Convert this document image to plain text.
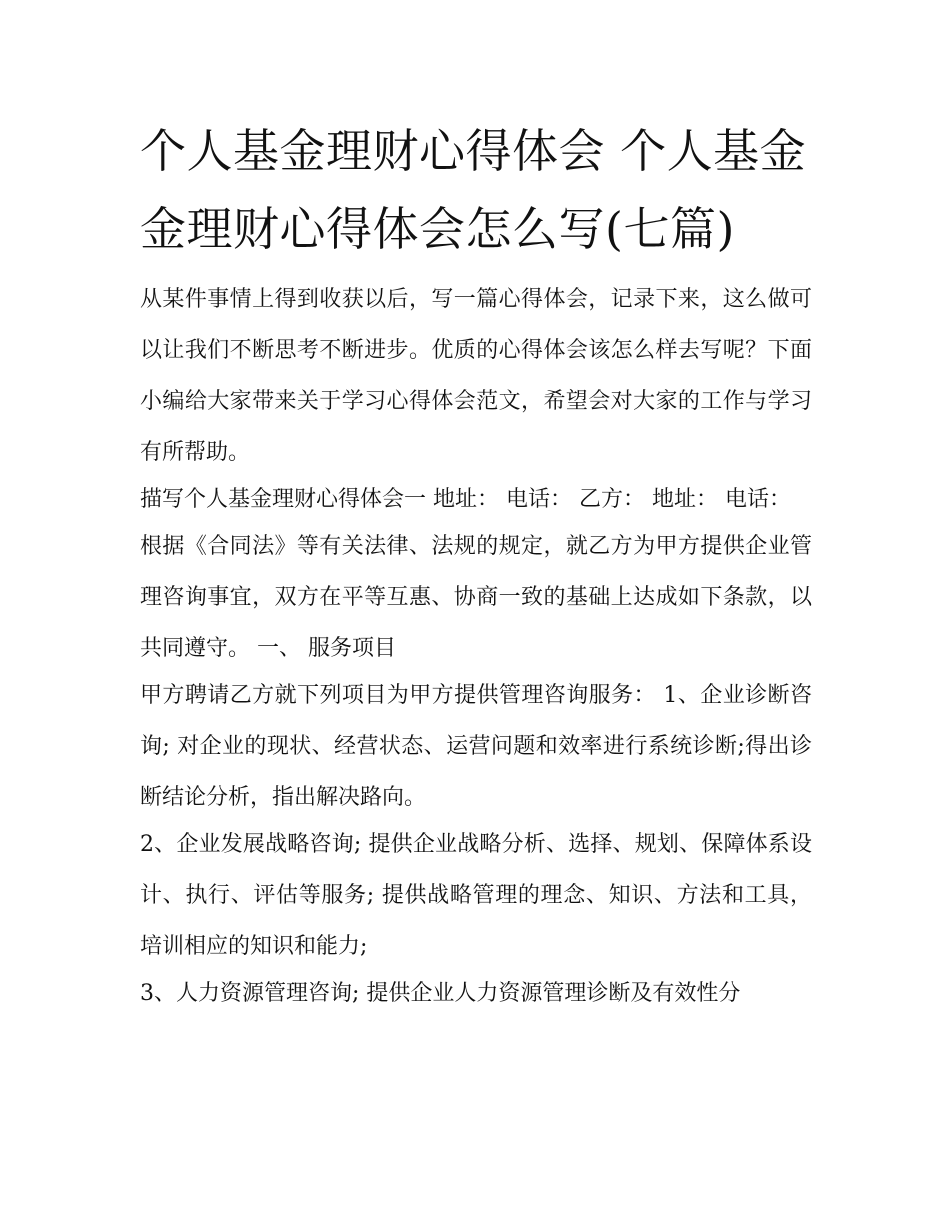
个人基金理财心得体会 个人基金金理财心得体会怎么写(七篇)

从某件事情上得到收获以后，写一篇心得体会，记录下来，这么做可以让我们不断思考不断进步。优质的心得体会该怎么样去写呢？下面小编给大家带来关于学习心得体会范文，希望会对大家的工作与学习有所帮助。

描写个人基金理财心得体会一 地址： 电话： 乙方： 地址： 电话：

根据《合同法》等有关法律、法规的规定，就乙方为甲方提供企业管理咨询事宜，双方在平等互惠、协商一致的基础上达成如下条款，以共同遵守。 一、 服务项目

甲方聘请乙方就下列项目为甲方提供管理咨询服务： 1、企业诊断咨询; 对企业的现状、经营状态、运营问题和效率进行系统诊断;得出诊断结论分析，指出解决路向。

2、企业发展战略咨询; 提供企业战略分析、选择、规划、保障体系设计、执行、评估等服务; 提供战略管理的理念、知识、方法和工具，培训相应的知识和能力;

3、人力资源管理咨询; 提供企业人力资源管理诊断及有效性分
